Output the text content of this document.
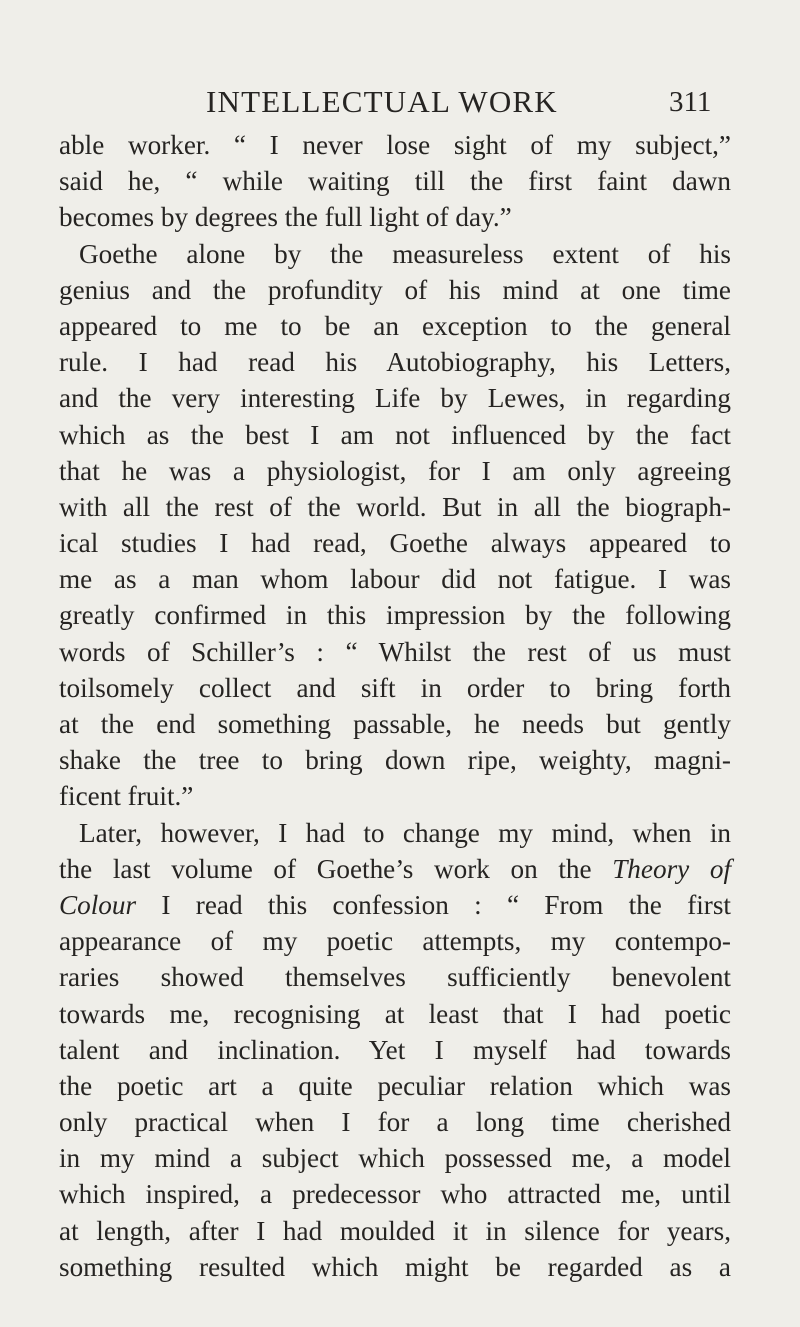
INTELLECTUAL WORK	311
able worker. “ I never lose sight of my subject,”
said he, “ while waiting till the first faint dawn
becomes by degrees the full light of day.”
Goethe alone by the measureless extent of his
genius and the profundity of his mind at one time
appeared to me to be an exception to the general
rule. I had read his Autobiography, his Letters,
and the very interesting Life by Lewes, in regarding
which as the best I am not influenced by the fact
that he was a physiologist, for I am only agreeing
with all the rest of the world. But in all the biograph-
ical studies I had read, Goethe always appeared to
me as a man whom labour did not fatigue. I was
greatly confirmed in this impression by the following
words of Schiller’s : “ Whilst the rest of us must
toilsomely collect and sift in order to bring forth
at the end something passable, he needs but gently
shake the tree to bring down ripe, weighty, magni-
ficent fruit.”
Later, however, I had to change my mind, when in
the last volume of Goethe’s work on the Theory of
Colour I read this confession : “ From the first
appearance of my poetic attempts, my contempo-
raries showed themselves sufficiently benevolent
towards me, recognising at least that I had poetic
talent and inclination. Yet I myself had towards
the poetic art a quite peculiar relation which was
only practical when I for a long time cherished
in my mind a subject which possessed me, a model
which inspired, a predecessor who attracted me, until
at length, after I had moulded it in silence for years,
something resulted which might be regarded as a
